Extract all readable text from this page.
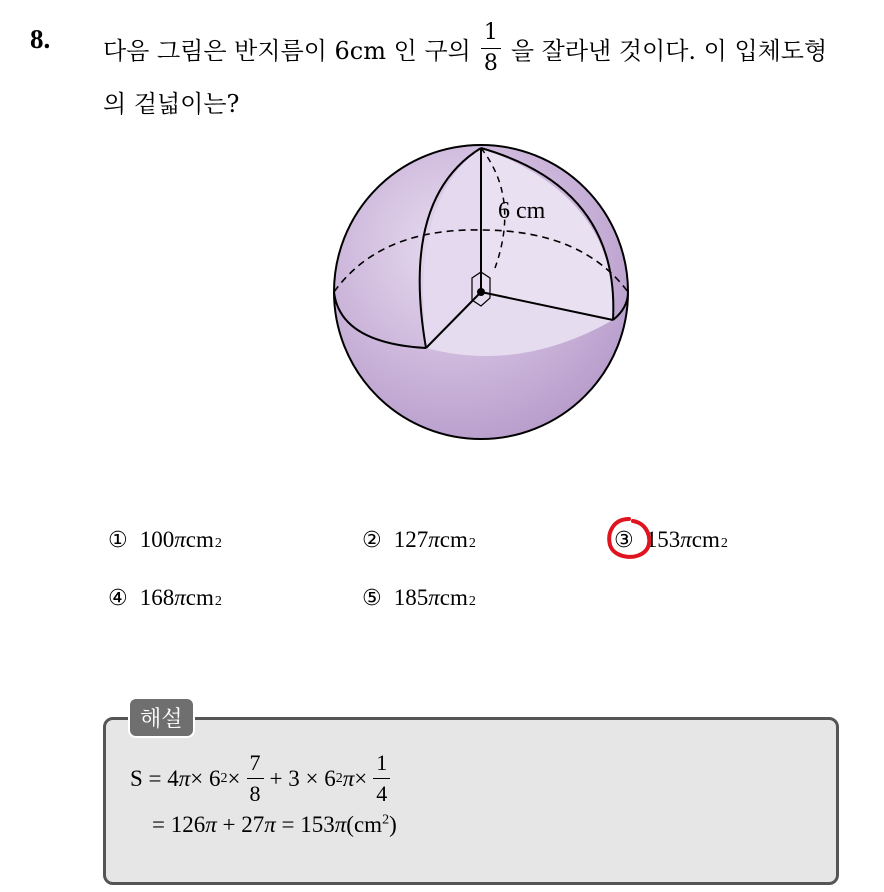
8. 다음 그림은 반지름이 6cm 인 구의 $\frac{1}{8}$ 을 잘라낸 것이다. 이 입체도형
의 겉넓이는?
6 cm
① 100 π cm 2	② 127 π cm 2	③ 153 π cm 2
④ 168 π cm 2	⑤ 185 π cm 2
해설
S = 4 π × 6 $2 \times \frac{7}{8} + 3 \times 6$ 2 $\pi \times \frac{1}{4}$
= $126\pi + 27\pi = 153\pi(cm^2)$
